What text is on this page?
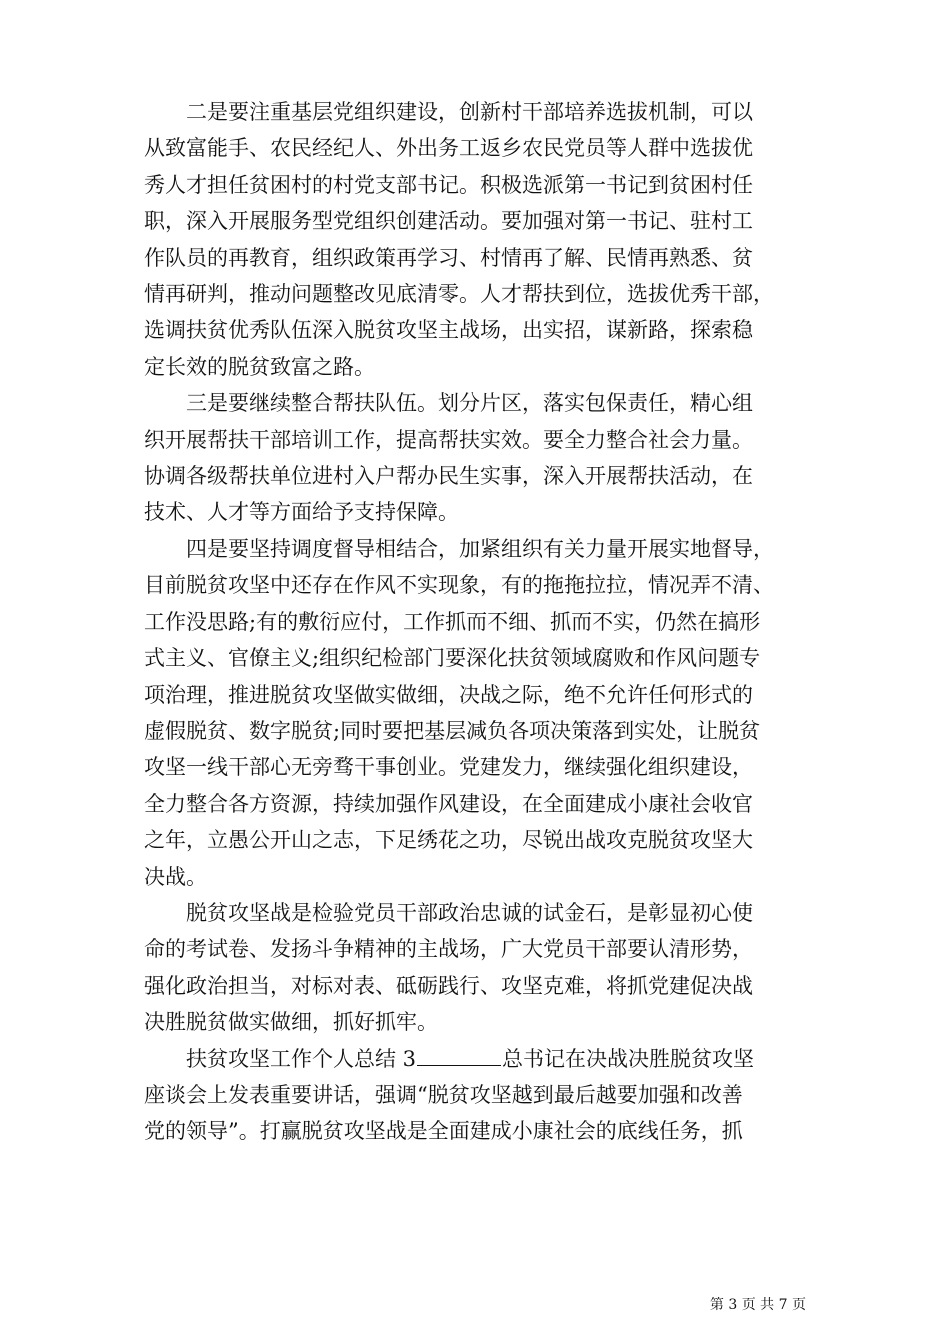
二是要注重基层党组织建设，创新村干部培养选拔机制，可以
从致富能手、农民经纪人、外出务工返乡农民党员等人群中选拔优
秀人才担任贫困村的村党支部书记。积极选派第一书记到贫困村任
职，深入开展服务型党组织创建活动。要加强对第一书记、驻村工
作队员的再教育，组织政策再学习、村情再了解、民情再熟悉、贫
情再研判，推动问题整改见底清零。人才帮扶到位，选拔优秀干部，
选调扶贫优秀队伍深入脱贫攻坚主战场，出实招，谋新路，探索稳
定长效的脱贫致富之路。

三是要继续整合帮扶队伍。划分片区，落实包保责任，精心组
织开展帮扶干部培训工作，提高帮扶实效。要全力整合社会力量。
协调各级帮扶单位进村入户帮办民生实事，深入开展帮扶活动，在
技术、人才等方面给予支持保障。

四是要坚持调度督导相结合，加紧组织有关力量开展实地督导，
目前脱贫攻坚中还存在作风不实现象，有的拖拖拉拉，情况弄不清、
工作没思路;有的敷衍应付，工作抓而不细、抓而不实，仍然在搞形
式主义、官僚主义;组织纪检部门要深化扶贫领域腐败和作风问题专
项治理，推进脱贫攻坚做实做细，决战之际，绝不允许任何形式的
虚假脱贫、数字脱贫;同时要把基层减负各项决策落到实处，让脱贫
攻坚一线干部心无旁骛干事创业。党建发力，继续强化组织建设，
全力整合各方资源，持续加强作风建设，在全面建成小康社会收官
之年，立愚公开山之志，下足绣花之功，尽锐出战攻克脱贫攻坚大
决战。

脱贫攻坚战是检验党员干部政治忠诚的试金石，是彰显初心使
命的考试卷、发扬斗争精神的主战场，广大党员干部要认清形势，
强化政治担当，对标对表、砥砺践行、攻坚克难，将抓党建促决战
决胜脱贫做实做细，抓好抓牢。

扶贫攻坚工作个人总结 3	总书记在决战决胜脱贫攻坚
座谈会上发表重要讲话，强调“脱贫攻坚越到最后越要加强和改善
党的领导”。打赢脱贫攻坚战是全面建成小康社会的底线任务，抓

第 3 页 共 7 页
